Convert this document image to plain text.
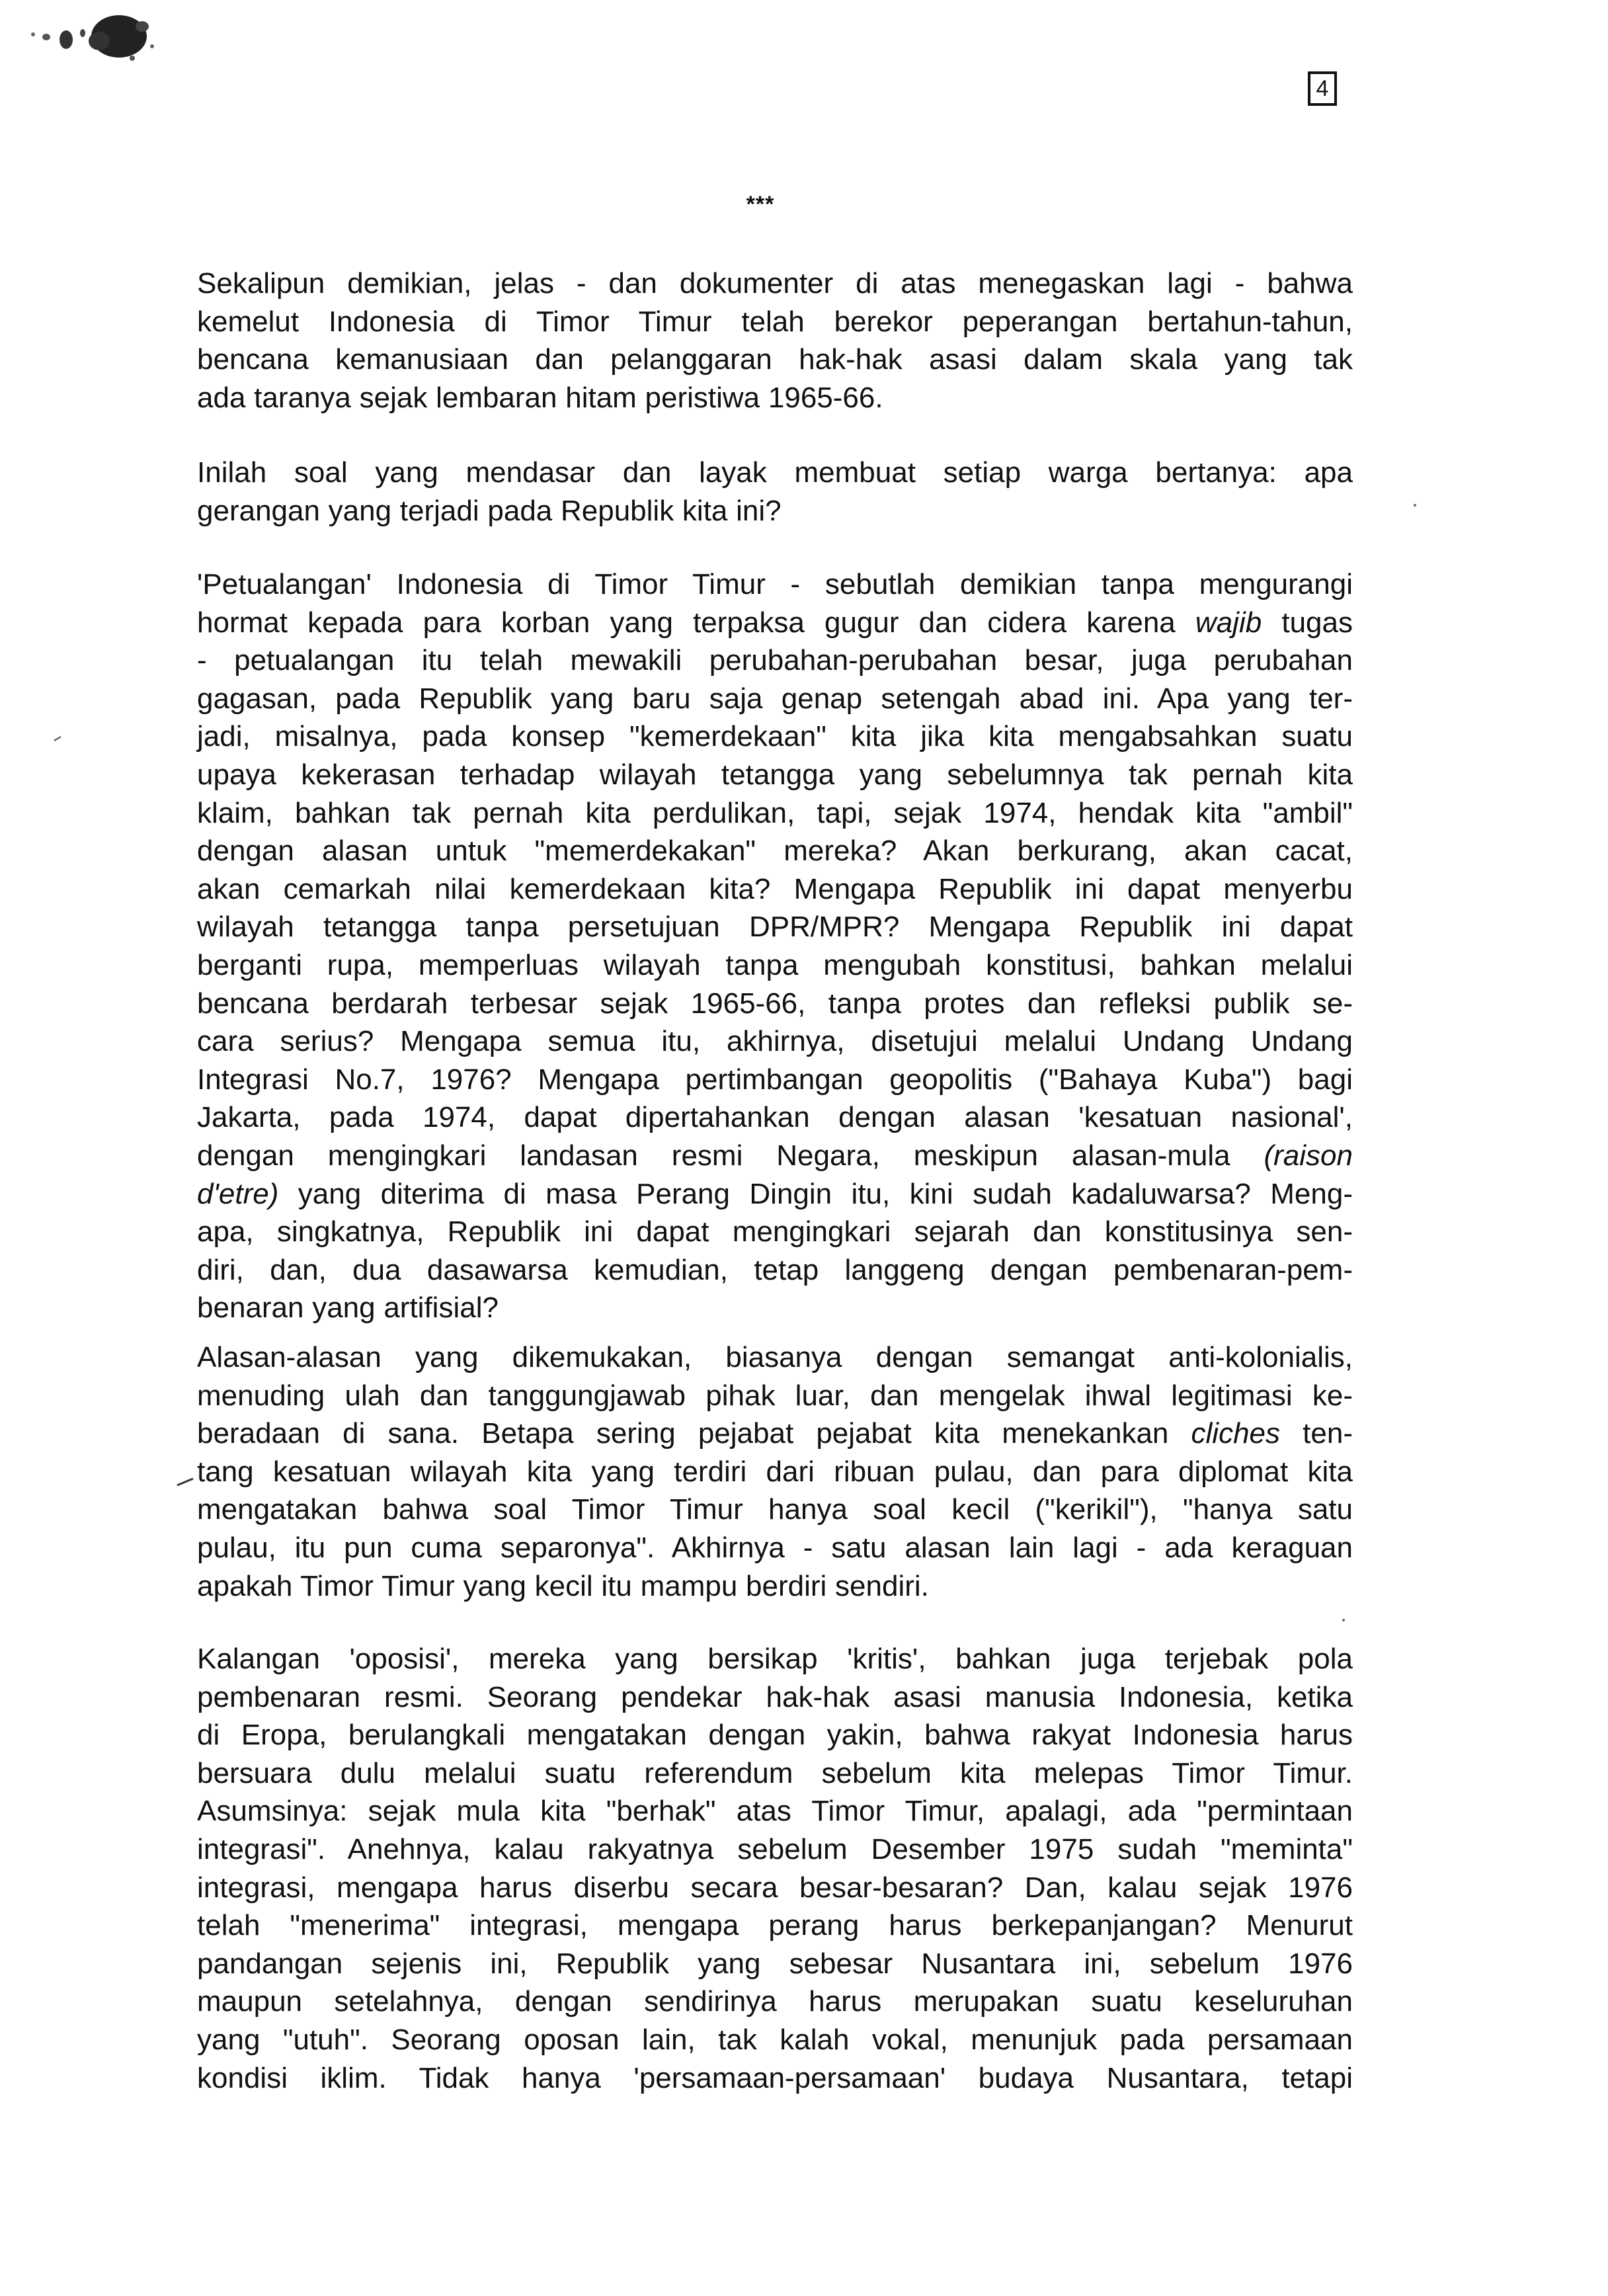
4
***

Sekalipun demikian, jelas - dan dokumenter di atas menegaskan lagi - bahwa
kemelut Indonesia di Timor Timur telah berekor peperangan bertahun-tahun,
bencana kemanusiaan dan pelanggaran hak-hak asasi dalam skala yang tak
ada taranya sejak lembaran hitam peristiwa 1965-66.

Inilah soal yang mendasar dan layak membuat setiap warga bertanya: apa
gerangan yang terjadi pada Republik kita ini?

'Petualangan' Indonesia di Timor Timur - sebutlah demikian tanpa mengurangi
hormat kepada para korban yang terpaksa gugur dan cidera karena wajib tugas
- petualangan itu telah mewakili perubahan-perubahan besar, juga perubahan
gagasan, pada Republik yang baru saja genap setengah abad ini. Apa yang ter-
jadi, misalnya, pada konsep "kemerdekaan" kita jika kita mengabsahkan suatu
upaya kekerasan terhadap wilayah tetangga yang sebelumnya tak pernah kita
klaim, bahkan tak pernah kita perdulikan, tapi, sejak 1974, hendak kita "ambil"
dengan alasan untuk "memerdekakan" mereka? Akan berkurang, akan cacat,
akan cemarkah nilai kemerdekaan kita? Mengapa Republik ini dapat menyerbu
wilayah tetangga tanpa persetujuan DPR/MPR? Mengapa Republik ini dapat
berganti rupa, memperluas wilayah tanpa mengubah konstitusi, bahkan melalui
bencana berdarah terbesar sejak 1965-66, tanpa protes dan refleksi publik se-
cara serius? Mengapa semua itu, akhirnya, disetujui melalui Undang Undang
Integrasi No.7, 1976? Mengapa pertimbangan geopolitis ("Bahaya Kuba") bagi
Jakarta, pada 1974, dapat dipertahankan dengan alasan 'kesatuan nasional',
dengan mengingkari landasan resmi Negara, meskipun alasan-mula (raison
d'etre) yang diterima di masa Perang Dingin itu, kini sudah kadaluwarsa? Meng-
apa, singkatnya, Republik ini dapat mengingkari sejarah dan konstitusinya sen-
diri, dan, dua dasawarsa kemudian, tetap langgeng dengan pembenaran-pem-
benaran yang artifisial?

Alasan-alasan yang dikemukakan, biasanya dengan semangat anti-kolonialis,
menuding ulah dan tanggungjawab pihak luar, dan mengelak ihwal legitimasi ke-
beradaan di sana. Betapa sering pejabat pejabat kita menekankan cliches ten-
tang kesatuan wilayah kita yang terdiri dari ribuan pulau, dan para diplomat kita
mengatakan bahwa soal Timor Timur hanya soal kecil ("kerikil"), "hanya satu
pulau, itu pun cuma separonya". Akhirnya - satu alasan lain lagi - ada keraguan
apakah Timor Timur yang kecil itu mampu berdiri sendiri.

Kalangan 'oposisi', mereka yang bersikap 'kritis', bahkan juga terjebak pola
pembenaran resmi. Seorang pendekar hak-hak asasi manusia Indonesia, ketika
di Eropa, berulangkali mengatakan dengan yakin, bahwa rakyat Indonesia harus
bersuara dulu melalui suatu referendum sebelum kita melepas Timor Timur.
Asumsinya: sejak mula kita "berhak" atas Timor Timur, apalagi, ada "permintaan
integrasi". Anehnya, kalau rakyatnya sebelum Desember 1975 sudah "meminta"
integrasi, mengapa harus diserbu secara besar-besaran? Dan, kalau sejak 1976
telah "menerima" integrasi, mengapa perang harus berkepanjangan? Menurut
pandangan sejenis ini, Republik yang sebesar Nusantara ini, sebelum 1976
maupun setelahnya, dengan sendirinya harus merupakan suatu keseluruhan
yang "utuh". Seorang oposan lain, tak kalah vokal, menunjuk pada persamaan
kondisi iklim. Tidak hanya 'persamaan-persamaan' budaya Nusantara, tetapi
